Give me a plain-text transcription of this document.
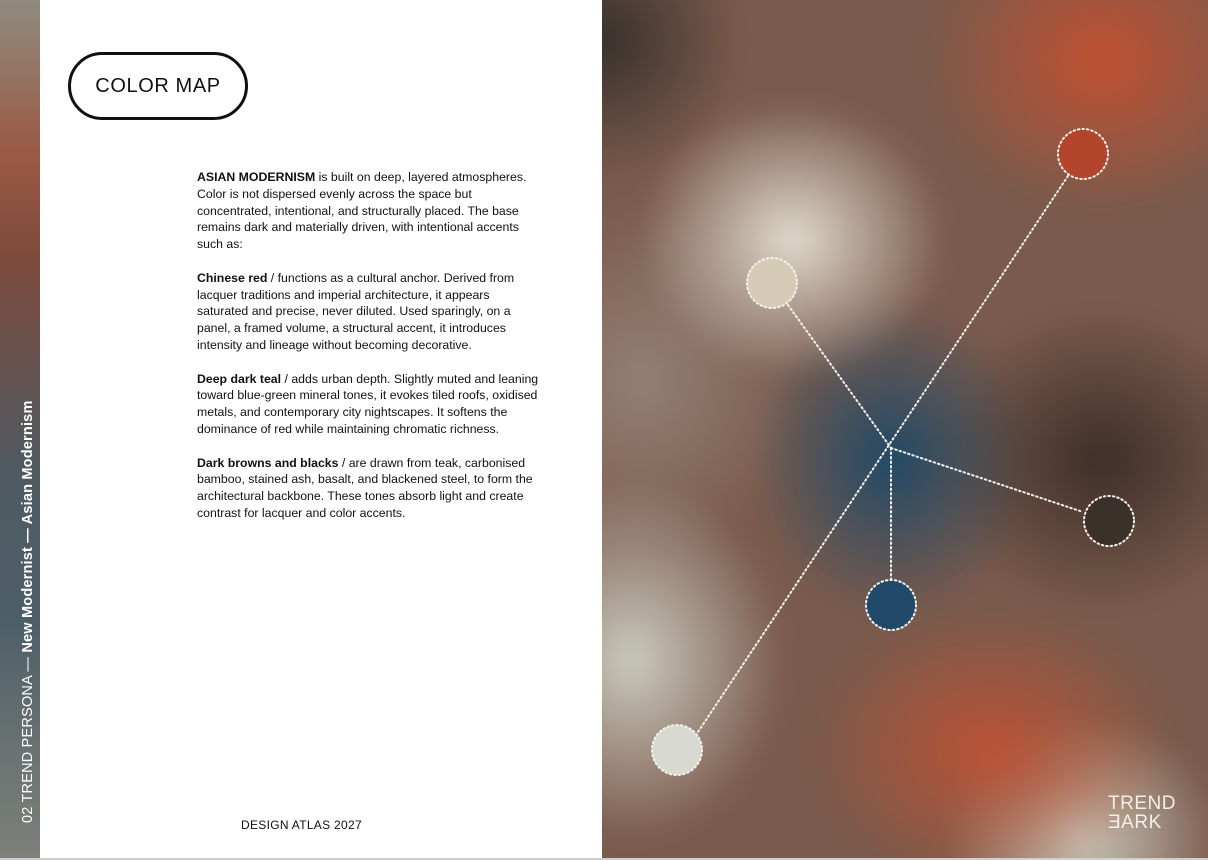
02 TREND PERSONA — New Modernist — Asian Modernism
COLOR MAP

ASIAN MODERNISM is built on deep, layered atmospheres. Color is not dispersed evenly across the space but concentrated, intentional, and structurally placed. The base remains dark and materially driven, with intentional accents such as:

Chinese red / functions as a cultural anchor. Derived from lacquer traditions and imperial architecture, it appears saturated and precise, never diluted. Used sparingly, on a panel, a framed volume, a structural accent, it introduces intensity and lineage without becoming decorative.

Deep dark teal / adds urban depth. Slightly muted and leaning toward blue-green mineral tones, it evokes tiled roofs, oxidised metals, and contemporary city nightscapes. It softens the dominance of red while maintaining chromatic richness.

Dark browns and blacks / are drawn from teak, carbonised bamboo, stained ash, basalt, and blackened steel, to form the architectural backbone. These tones absorb light and create contrast for lacquer and color accents.

DESIGN ATLAS 2027
TREND
ƎARK
